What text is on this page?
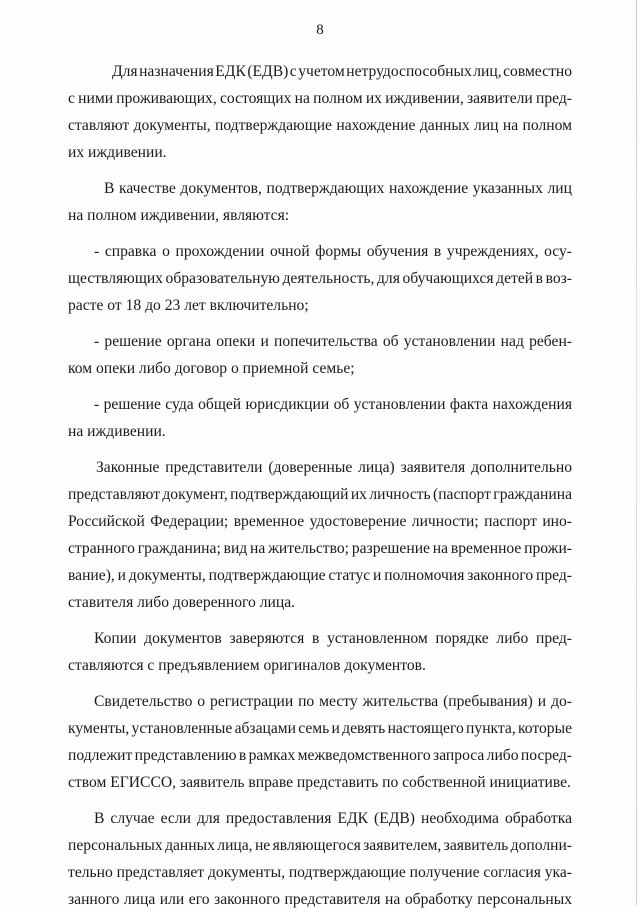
8
Для назначения ЕДК (ЕДВ) с учетом нетрудоспособных лиц, совместно
с ними проживающих, состоящих на полном их иждивении, заявители пред-
ставляют документы, подтверждающие нахождение данных лиц на полном
их иждивении.
В качестве документов, подтверждающих нахождение указанных лиц
на полном иждивении, являются:
- справка о прохождении очной формы обучения в учреждениях, осу-
ществляющих образовательную деятельность, для обучающихся детей в воз-
расте от 18 до 23 лет включительно;
- решение органа опеки и попечительства об установлении над ребен-
ком опеки либо договор о приемной семье;
- решение суда общей юрисдикции об установлении факта нахождения
на иждивении.
Законные представители (доверенные лица) заявителя дополнительно
представляют документ, подтверждающий их личность (паспорт гражданина
Российской Федерации; временное удостоверение личности; паспорт ино-
странного гражданина; вид на жительство; разрешение на временное прожи-
вание), и документы, подтверждающие статус и полномочия законного пред-
ставителя либо доверенного лица.
Копии документов заверяются в установленном порядке либо пред-
ставляются с предъявлением оригиналов документов.
Свидетельство о регистрации по месту жительства (пребывания) и до-
кументы, установленные абзацами семь и девять настоящего пункта, которые
подлежит представлению в рамках межведомственного запроса либо посред-
ством ЕГИССО, заявитель вправе представить по собственной инициативе.
В случае если для предоставления ЕДК (ЕДВ) необходима обработка
персональных данных лица, не являющегося заявителем, заявитель дополни-
тельно представляет документы, подтверждающие получение согласия ука-
занного лица или его законного представителя на обработку персональных
